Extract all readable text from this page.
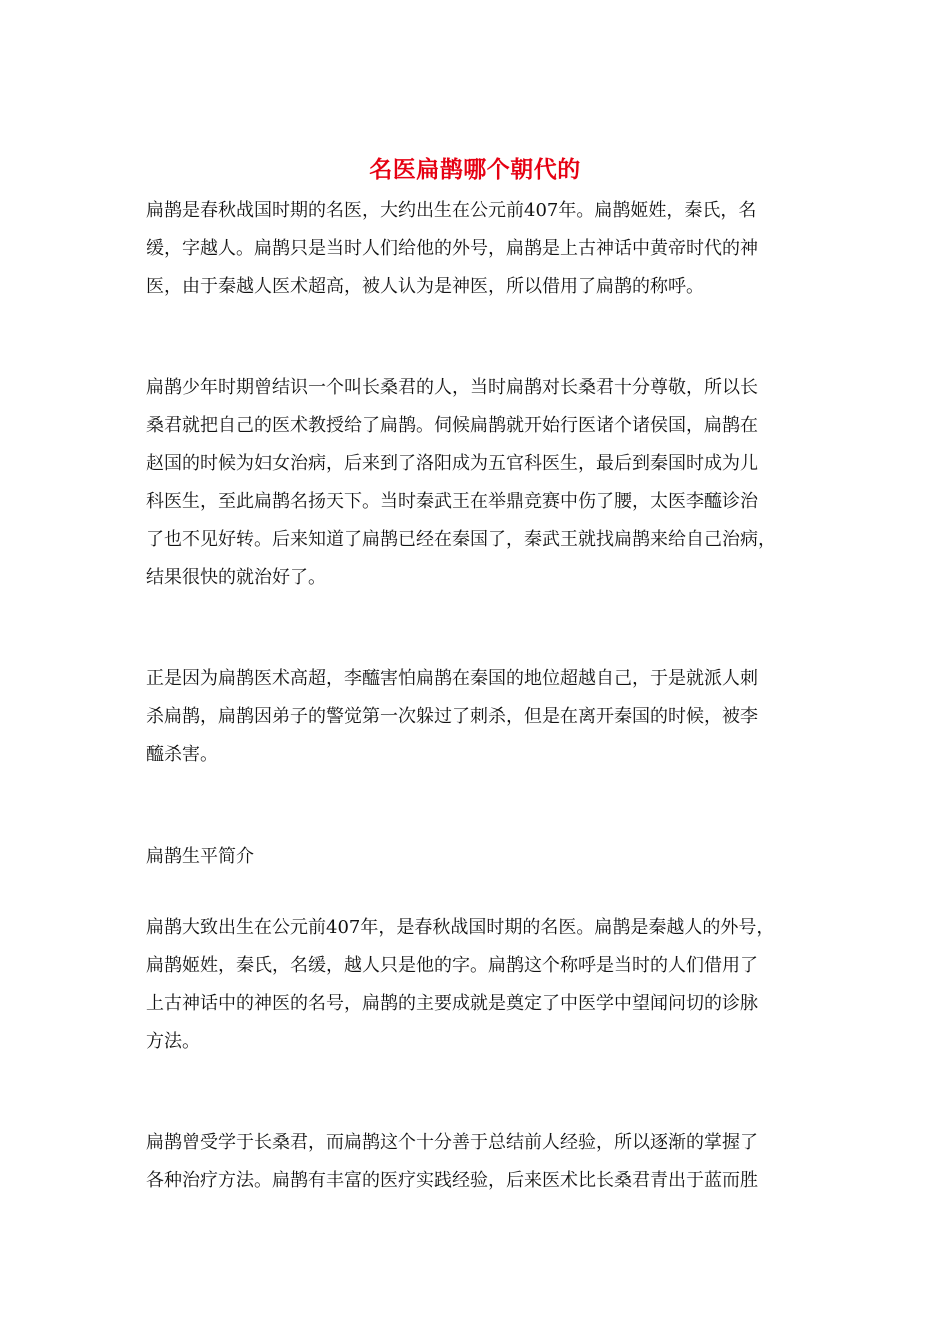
名医扁鹊哪个朝代的
扁鹊是春秋战国时期的名医，大约出生在公元前407年。扁鹊姬姓，秦氏，名
缓，字越人。扁鹊只是当时人们给他的外号，扁鹊是上古神话中黄帝时代的神
医，由于秦越人医术超高，被人认为是神医，所以借用了扁鹊的称呼。
扁鹊少年时期曾结识一个叫长桑君的人，当时扁鹊对长桑君十分尊敬，所以长
桑君就把自己的医术教授给了扁鹊。伺候扁鹊就开始行医诸个诸侯国，扁鹊在
赵国的时候为妇女治病，后来到了洛阳成为五官科医生，最后到秦国时成为儿
科医生，至此扁鹊名扬天下。当时秦武王在举鼎竞赛中伤了腰，太医李醯诊治
了也不见好转。后来知道了扁鹊已经在秦国了，秦武王就找扁鹊来给自己治病，
结果很快的就治好了。
正是因为扁鹊医术高超，李醯害怕扁鹊在秦国的地位超越自己，于是就派人刺
杀扁鹊，扁鹊因弟子的警觉第一次躲过了刺杀，但是在离开秦国的时候，被李
醯杀害。
扁鹊生平简介
扁鹊大致出生在公元前407年，是春秋战国时期的名医。扁鹊是秦越人的外号，
扁鹊姬姓，秦氏，名缓，越人只是他的字。扁鹊这个称呼是当时的人们借用了
上古神话中的神医的名号，扁鹊的主要成就是奠定了中医学中望闻问切的诊脉
方法。
扁鹊曾受学于长桑君，而扁鹊这个十分善于总结前人经验，所以逐渐的掌握了
各种治疗方法。扁鹊有丰富的医疗实践经验，后来医术比长桑君青出于蓝而胜
